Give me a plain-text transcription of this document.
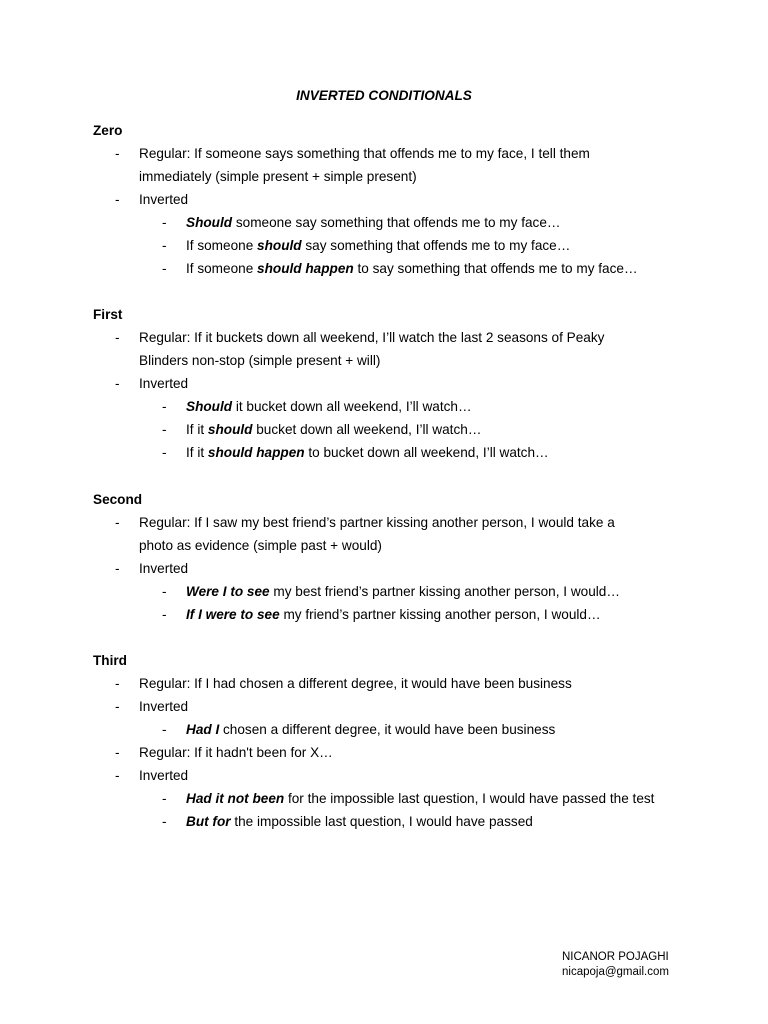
INVERTED CONDITIONALS
Zero
- Regular: If someone says something that offends me to my face, I tell them
immediately (simple present + simple present)
- Inverted
- Should someone say something that offends me to my face…
- If someone should say something that offends me to my face…
- If someone should happen to say something that offends me to my face…
First
- Regular: If it buckets down all weekend, I’ll watch the last 2 seasons of Peaky
Blinders non-stop (simple present + will)
- Inverted
- Should it bucket down all weekend, I’ll watch…
- If it should bucket down all weekend, I’ll watch…
- If it should happen to bucket down all weekend, I’ll watch…
Second
- Regular: If I saw my best friend’s partner kissing another person, I would take a
photo as evidence (simple past + would)
- Inverted
- Were I to see my best friend’s partner kissing another person, I would…
- If I were to see my friend’s partner kissing another person, I would…
Third
- Regular: If I had chosen a different degree, it would have been business
- Inverted
- Had I chosen a different degree, it would have been business
- Regular: If it hadn't been for X…
- Inverted
- Had it not been for the impossible last question, I would have passed the test
- But for the impossible last question, I would have passed
NICANOR POJAGHI
nicapoja@gmail.com
